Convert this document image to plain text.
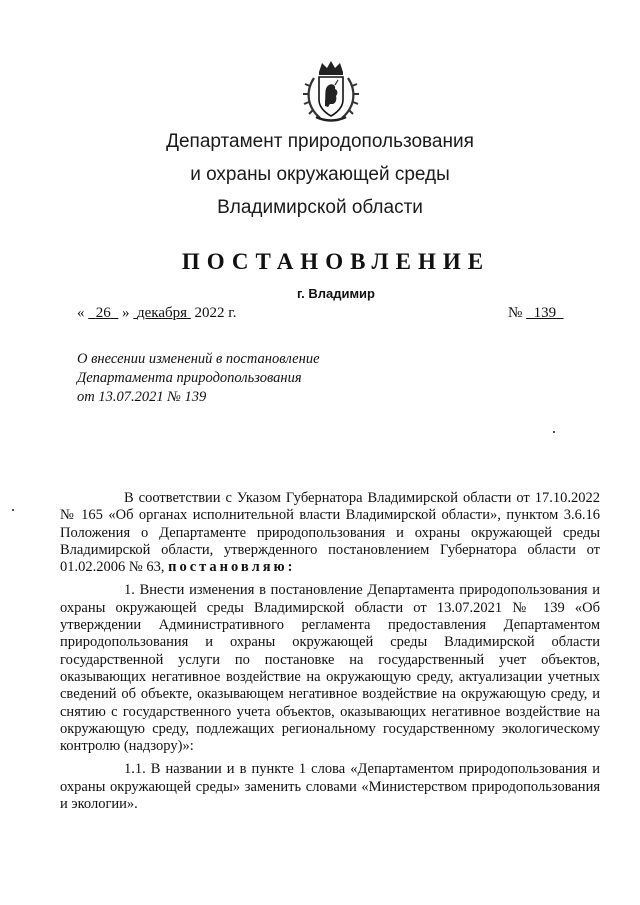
Департамент природопользования
и охраны окружающей среды
Владимирской области
ПОСТАНОВЛЕНИЕ
г. Владимир
« 26 » декабря 2022 г.	№ 139
О внесении изменений в постановление
Департамента природопользования
от 13.07.2021 № 139

В соответствии с Указом Губернатора Владимирской области от 17.10.2022 № 165 «Об органах исполнительной власти Владимирской области», пунктом 3.6.16 Положения о Департаменте природопользования и охраны окружающей среды Владимирской области, утвержденного постановлением Губернатора области от 01.02.2006 № 63, постановляю:

1. Внести изменения в постановление Департамента природопользования и охраны окружающей среды Владимирской области от 13.07.2021 № 139 «Об утверждении Административного регламента предоставления Департаментом природопользования и охраны окружающей среды Владимирской области государственной услуги по постановке на государственный учет объектов, оказывающих негативное воздействие на окружающую среду, актуализации учетных сведений об объекте, оказывающем негативное воздействие на окружающую среду, и снятию с государственного учета объектов, оказывающих негативное воздействие на окружающую среду, подлежащих региональному государственному экологическому контролю (надзору)»:

1.1. В названии и в пункте 1 слова «Департаментом природопользования и охраны окружающей среды» заменить словами «Министерством природопользования и экологии».
